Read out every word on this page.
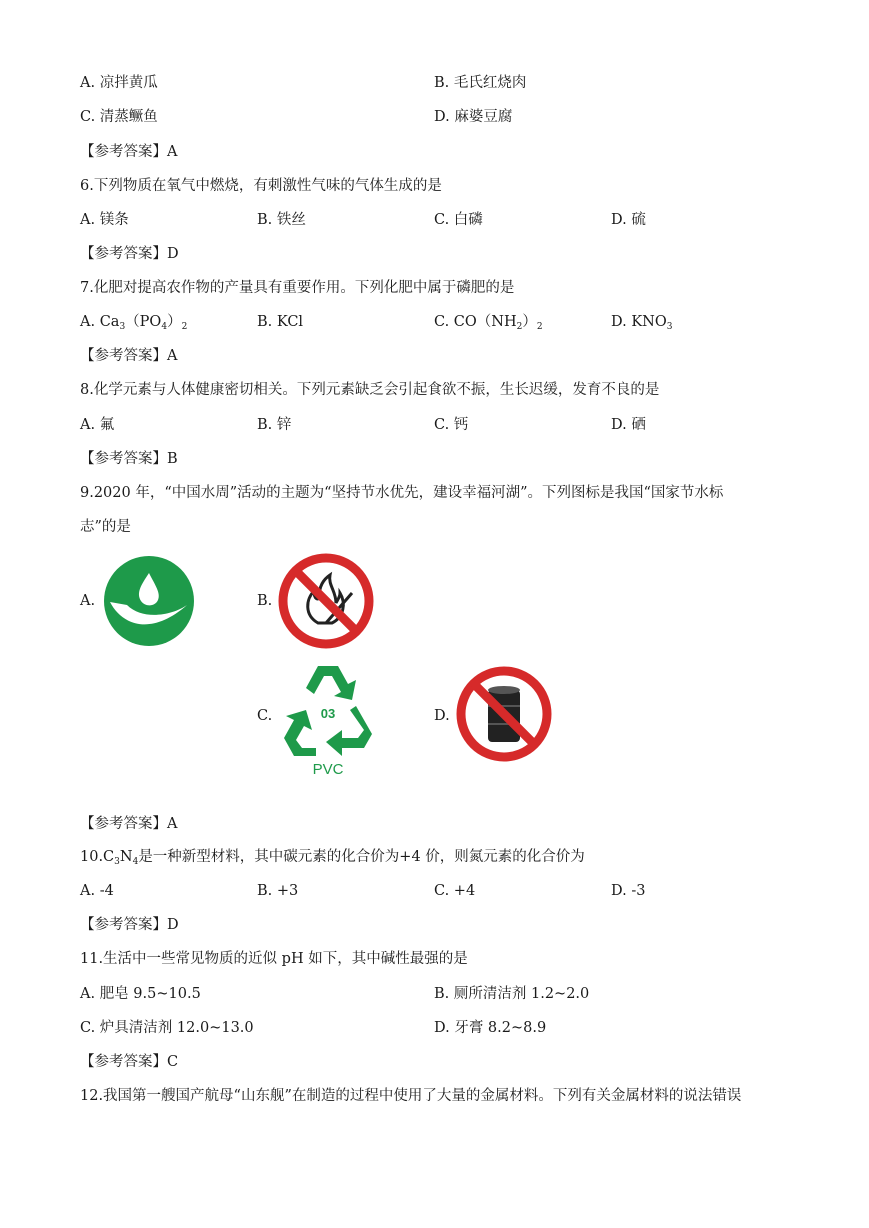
A. 凉拌黄瓜	B. 毛氏红烧肉
C. 清蒸鳜鱼	D. 麻婆豆腐
【参考答案】A
6.下列物质在氧气中燃烧，有刺激性气味的气体生成的是
A. 镁条	B. 铁丝	C. 白磷	D. 硫
【参考答案】D
7.化肥对提高农作物的产量具有重要作用。下列化肥中属于磷肥的是
A. $Ca_3(PO_4)_2$	B. KCl	C. $CO(NH_2)_2$	D. $KNO_3$
【参考答案】A
8.化学元素与人体健康密切相关。下列元素缺乏会引起食欲不振，生长迟缓，发育不良的是
A. 氟	B. 锌	C. 钙	D. 硒
【参考答案】B
9.2020 年，“中国水周”活动的主题为“坚持节水优先，建设幸福河湖”。下列图标是我国“国家节水标
志”的是
A.	B.
C.	03
PVC
D.
【参考答案】A
$10.C_3N_4$是一种新型材料，其中碳元素的化合价为+4 价，则氮元素的化合价为
A. -4	B. +3	C. +4	D. -3
【参考答案】D
11.生活中一些常见物质的近似 pH 如下，其中碱性最强的是
A. 肥皂 9.5~10.5	B. 厕所清洁剂 1.2~2.0
C. 炉具清洁剂 12.0~13.0	D. 牙膏 8.2~8.9
【参考答案】C
12.我国第一艘国产航母“山东舰”在制造的过程中使用了大量的金属材料。下列有关金属材料的说法错误
